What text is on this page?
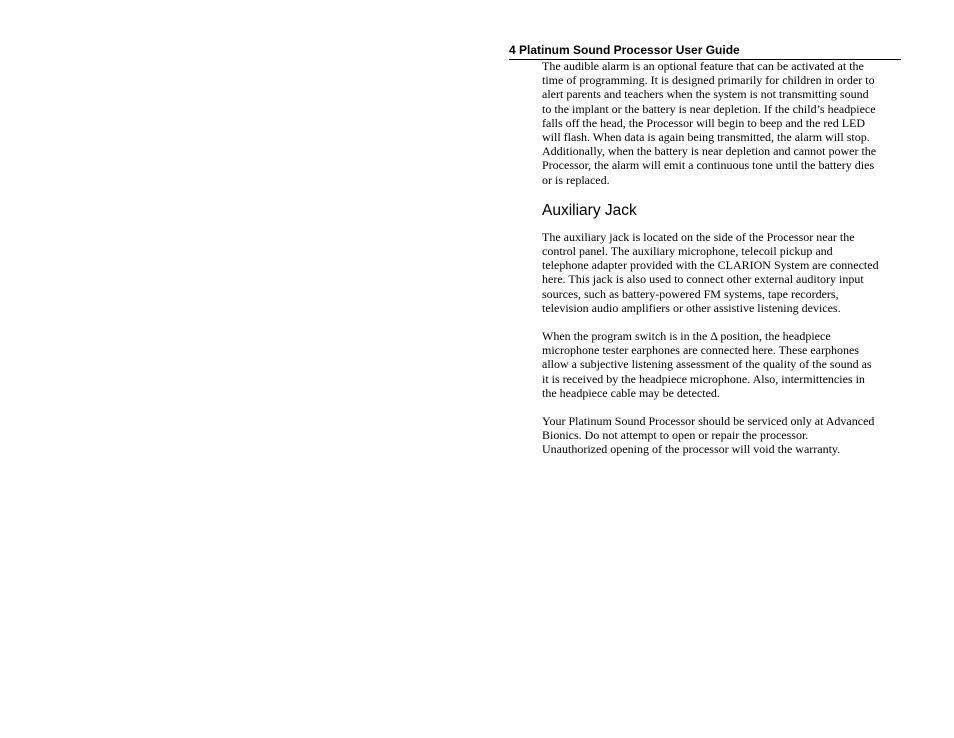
4 Platinum Sound Processor User Guide

The audible alarm is an optional feature that can be activated at the
time of programming. It is designed primarily for children in order to
alert parents and teachers when the system is not transmitting sound
to the implant or the battery is near depletion. If the child’s headpiece
falls off the head, the Processor will begin to beep and the red LED
will flash. When data is again being transmitted, the alarm will stop.
Additionally, when the battery is near depletion and cannot power the
Processor, the alarm will emit a continuous tone until the battery dies
or is replaced.

Auxiliary Jack

The auxiliary jack is located on the side of the Processor near the
control panel. The auxiliary microphone, telecoil pickup and
telephone adapter provided with the CLARION System are connected
here. This jack is also used to connect other external auditory input
sources, such as battery-powered FM systems, tape recorders,
television audio amplifiers or other assistive listening devices.

When the program switch is in the Δ position, the headpiece
microphone tester earphones are connected here. These earphones
allow a subjective listening assessment of the quality of the sound as
it is received by the headpiece microphone. Also, intermittencies in
the headpiece cable may be detected.

Your Platinum Sound Processor should be serviced only at Advanced
Bionics. Do not attempt to open or repair the processor.
Unauthorized opening of the processor will void the warranty.
